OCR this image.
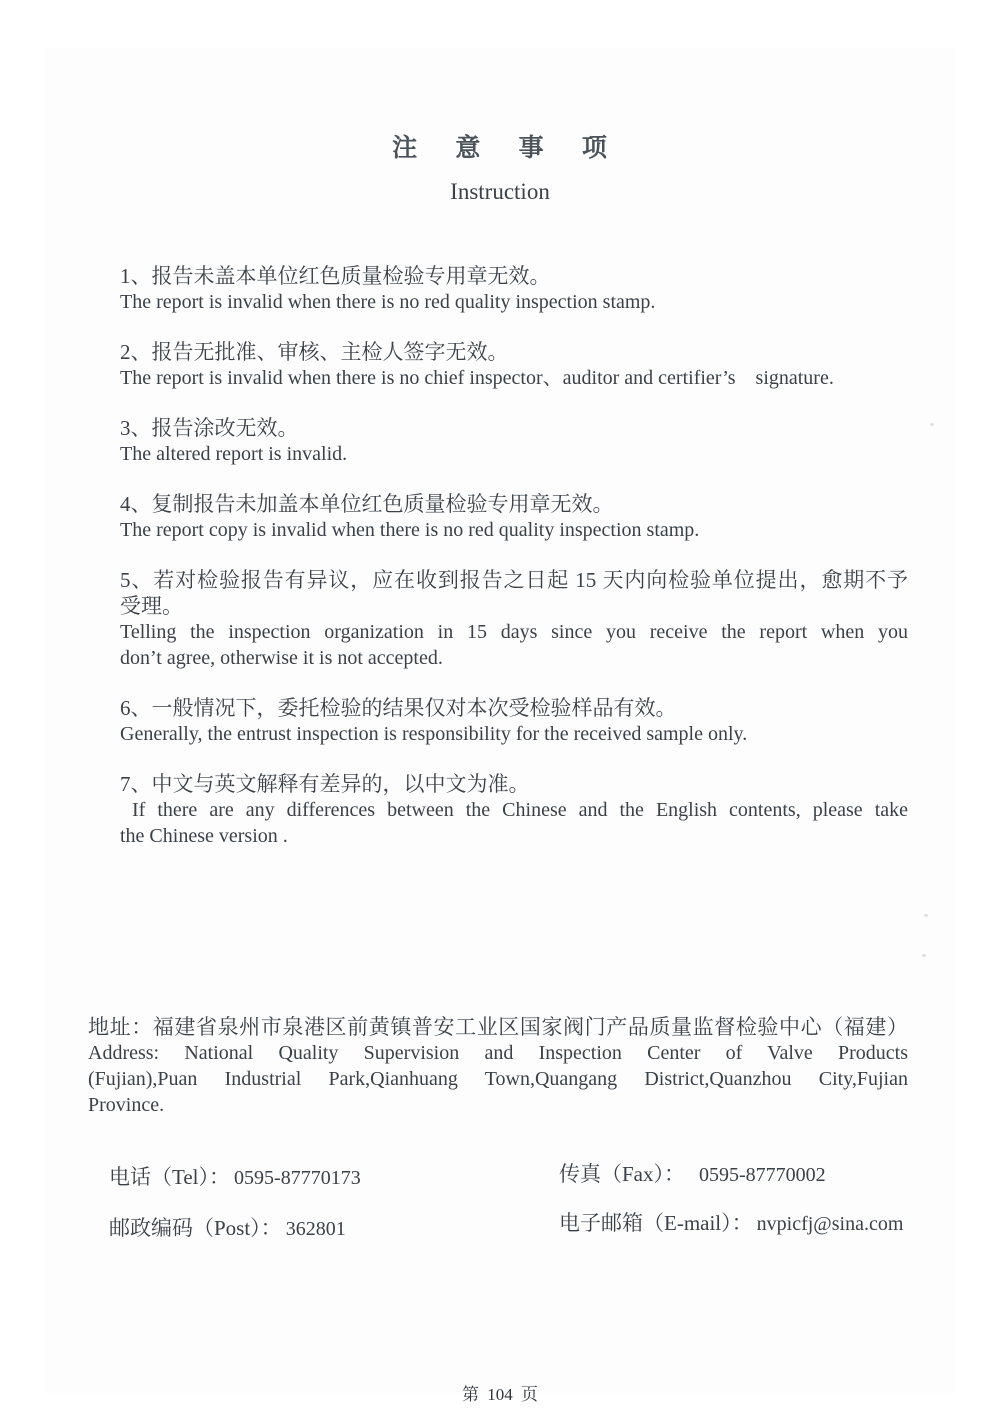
注 意 事 项
Instruction
1、报告未盖本单位红色质量检验专用章无效。
The report is invalid when there is no red quality inspection stamp.
2、报告无批准、审核、主检人签字无效。
The report is invalid when there is no chief inspector、auditor and certifier’s　signature.
3、报告涂改无效。
The altered report is invalid.
4、复制报告未加盖本单位红色质量检验专用章无效。
The report copy is invalid when there is no red quality inspection stamp.
5、若对检验报告有异议，应在收到报告之日起 15 天内向检验单位提出，愈期不予
受理。
Telling the inspection organization in 15 days since you receive the report when you
don’t agree, otherwise it is not accepted.
6、一般情况下，委托检验的结果仅对本次受检验样品有效。
Generally, the entrust inspection is responsibility for the received sample only.
7、中文与英文解释有差异的，以中文为准。
If there are any differences between the Chinese and the English contents, please take
the Chinese version .
地址：福建省泉州市泉港区前黄镇普安工业区国家阀门产品质量监督检验中心（福建）
Address: National Quality Supervision and Inspection Center of Valve Products
(Fujian),Puan Industrial Park,Qianhuang Town,Quangang District,Quanzhou City,Fujian
Province.

电话（Tel）： 0595-87770173
	传真（Fax）： 0595-87770002

邮政编码（Post）： 362801
	电子邮箱（E-mail）： nvpicfj@sina.com

第 104 页
